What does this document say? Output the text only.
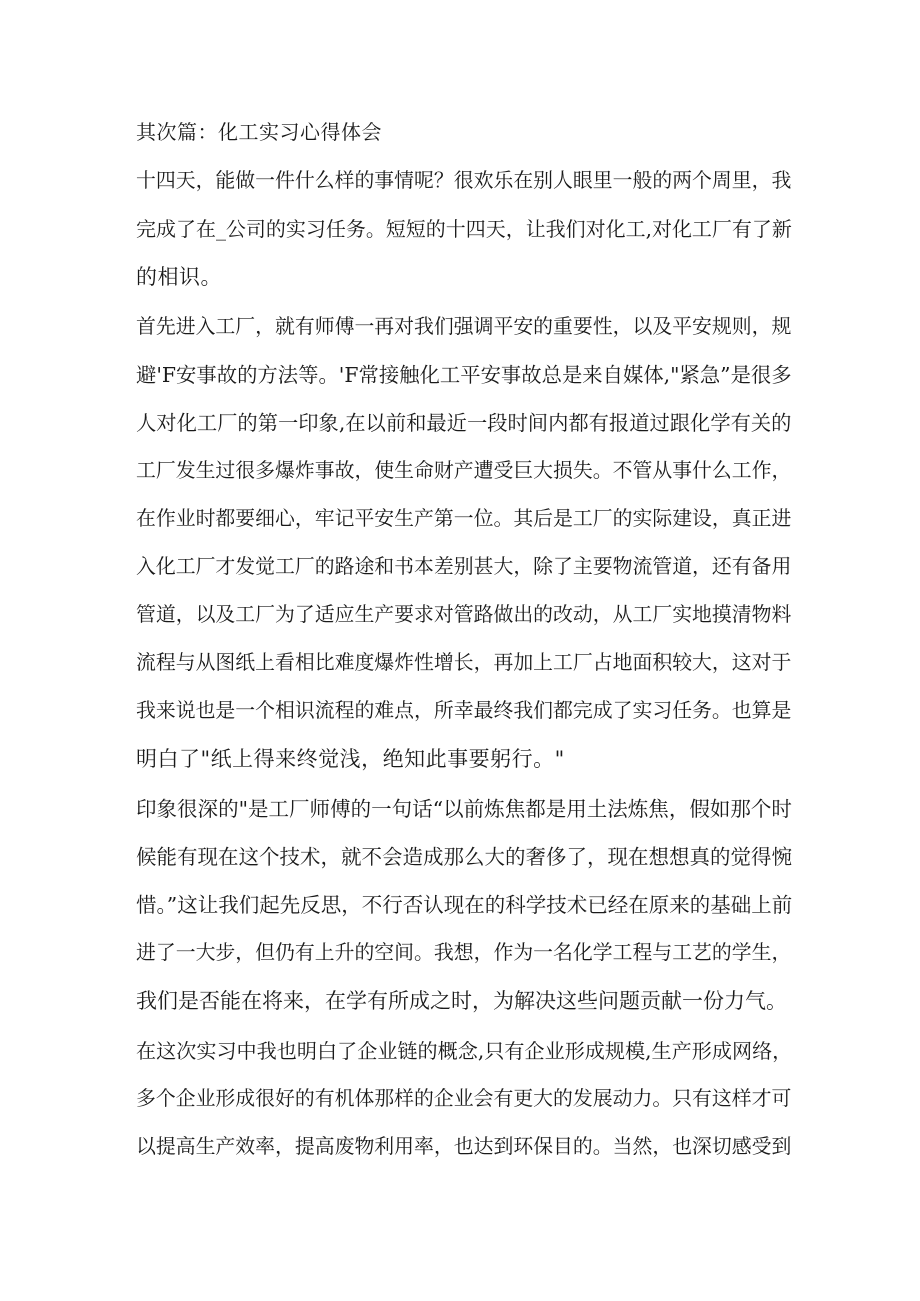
其次篇：化工实习心得体会
十四天，能做一件什么样的事情呢？很欢乐在别人眼里一般的两个周里，我
完成了在_公司的实习任务。短短的十四天，让我们对化工,对化工厂有了新
的相识。
首先进入工厂，就有师傅一再对我们强调平安的重要性，以及平安规则，规
避'F安事故的方法等。'F常接触化工平安事故总是来自媒体,"紧急”是很多
人对化工厂的第一印象,在以前和最近一段时间内都有报道过跟化学有关的
工厂发生过很多爆炸事故，使生命财产遭受巨大损失。不管从事什么工作，
在作业时都要细心，牢记平安生产第一位。其后是工厂的实际建设，真正进
入化工厂才发觉工厂的路途和书本差别甚大，除了主要物流管道，还有备用
管道，以及工厂为了适应生产要求对管路做出的改动，从工厂实地摸清物料
流程与从图纸上看相比难度爆炸性增长，再加上工厂占地面积较大，这对于
我来说也是一个相识流程的难点，所幸最终我们都完成了实习任务。也算是
明白了"纸上得来终觉浅，绝知此事要躬行。"
印象很深的"是工厂师傅的一句话“以前炼焦都是用土法炼焦，假如那个时
候能有现在这个技术，就不会造成那么大的奢侈了，现在想想真的觉得惋
惜。”这让我们起先反思，不行否认现在的科学技术已经在原来的基础上前
进了一大步，但仍有上升的空间。我想，作为一名化学工程与工艺的学生，
我们是否能在将来，在学有所成之时，为解决这些问题贡献一份力气。
在这次实习中我也明白了企业链的概念,只有企业形成规模,生产形成网络，
多个企业形成很好的有机体那样的企业会有更大的发展动力。只有这样才可
以提高生产效率，提高废物利用率，也达到环保目的。当然，也深切感受到
